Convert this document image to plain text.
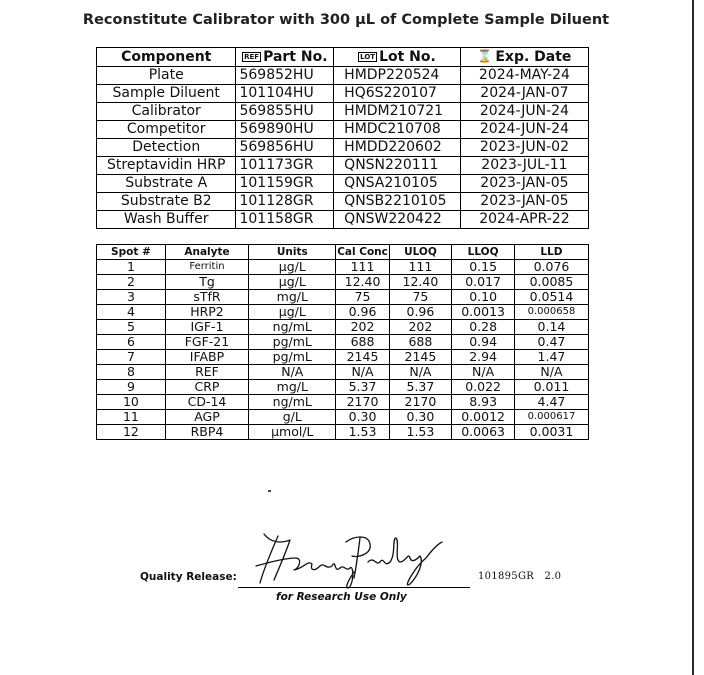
Reconstitute Calibrator with 300 µL of Complete Sample Diluent
Component	REF Part No.	LOT Lot No.	⌛ Exp. Date
Plate	569852HU	HMDP220524	2024-MAY-24
Sample Diluent	101104HU	HQ6S220107	2024-JAN-07
Calibrator	569855HU	HMDM210721	2024-JUN-24
Competitor	569890HU	HMDC210708	2024-JUN-24
Detection	569856HU	HMDD220602	2023-JUN-02
Streptavidin HRP	101173GR	QNSN220111	2023-JUL-11
Substrate A	101159GR	QNSA210105	2023-JAN-05
Substrate B2	101128GR	QNSB2210105	2023-JAN-05
Wash Buffer	101158GR	QNSW220422	2024-APR-22
Spot #	Analyte	Units	Cal Conc	ULOQ	LLOQ	LLD
1	Ferritin	µg/L	111	111	0.15	0.076
2	Tg	µg/L	12.40	12.40	0.017	0.0085
3	sTfR	mg/L	75	75	0.10	0.0514
4	HRP2	µg/L	0.96	0.96	0.0013	0.000658
5	IGF-1	ng/mL	202	202	0.28	0.14
6	FGF-21	pg/mL	688	688	0.94	0.47
7	IFABP	pg/mL	2145	2145	2.94	1.47
8	REF	N/A	N/A	N/A	N/A	N/A
9	CRP	mg/L	5.37	5.37	0.022	0.011
10	CD-14	ng/mL	2170	2170	8.93	4.47
11	AGP	g/L	0.30	0.30	0.0012	0.000617
12	RBP4	µmol/L	1.53	1.53	0.0063	0.0031
Quality Release:
for Research Use Only
101895GR 2.0
